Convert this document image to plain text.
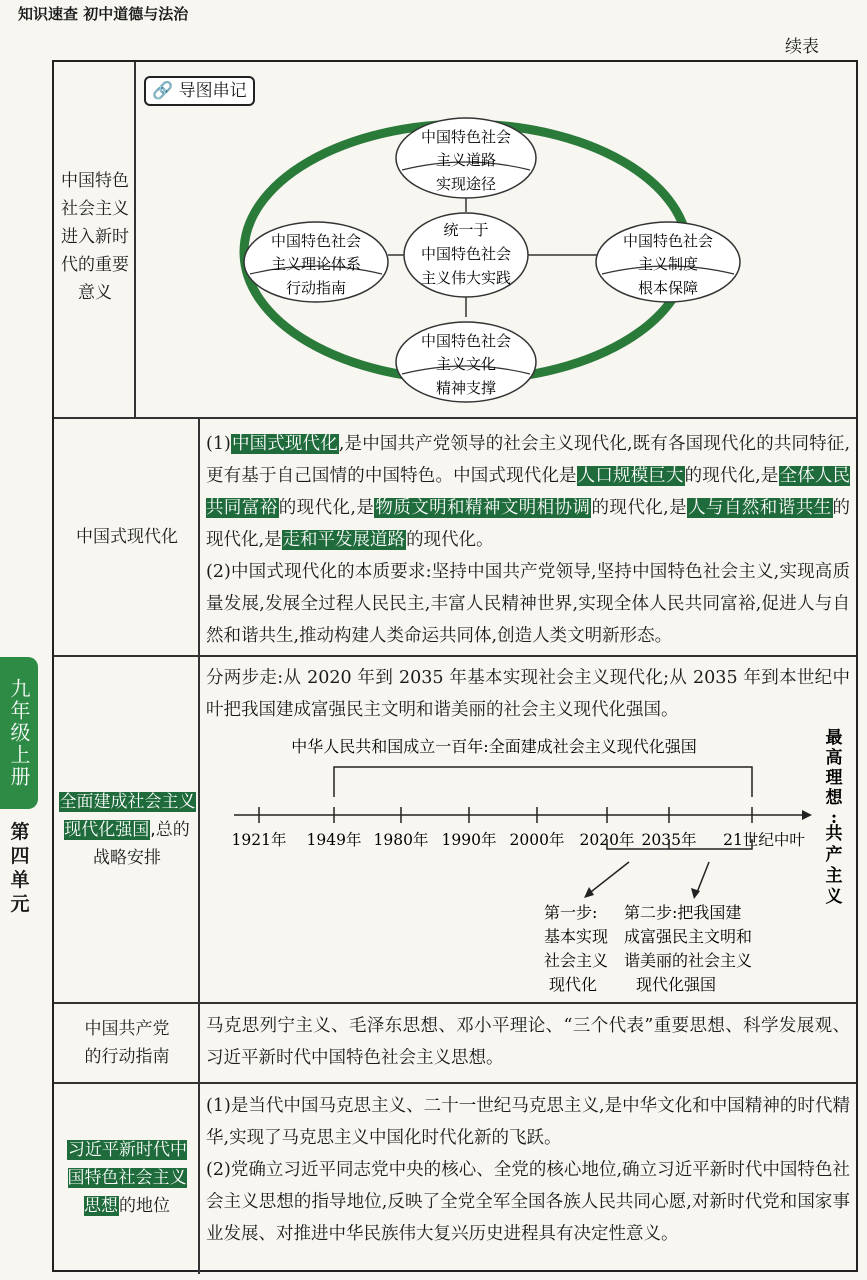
知识速查 初中道德与法治
续表
九年级上册
第四单元
中国特色社会主义进入新时代的重要意义
🔗 导图串记
统一于
中国特色社会
主义伟大实践
中国特色社会
主义道路
实现途径
中国特色社会
主义理论体系
行动指南
中国特色社会
主义制度
根本保障
中国特色社会
主义文化
精神支撑
中国式现代化
(1)中国式现代化,是中国共产党领导的社会主义现代化,既有各国现代化的共同特征,更有基于自己国情的中国特色。中国式现代化是人口规模巨大的现代化,是全体人民共同富裕的现代化,是物质文明和精神文明相协调的现代化,是人与自然和谐共生的现代化,是走和平发展道路的现代化。
(2)中国式现代化的本质要求:坚持中国共产党领导,坚持中国特色社会主义,实现高质量发展,发展全过程人民民主,丰富人民精神世界,实现全体人民共同富裕,促进人与自然和谐共生,推动构建人类命运共同体,创造人类文明新形态。
全面建成社会主义现代化强国,总的战略安排
分两步走:从 2020 年到 2035 年基本实现社会主义现代化;从 2035 年到本世纪中叶把我国建成富强民主文明和谐美丽的社会主义现代化强国。
中华人民共和国成立一百年:全面建成社会主义现代化强国
1921年 1949年 1980年 1990年 2000年 2020年 2035年 21世纪中叶
最
高
理
想
:
共
产
主
义
第一步:
基本实现
社会主义
现代化
第二步:把我国建
成富强民主文明和
谐美丽的社会主义
现代化强国
中国共产党的行动指南
马克思列宁主义、毛泽东思想、邓小平理论、“三个代表”重要思想、科学发展观、习近平新时代中国特色社会主义思想。
习近平新时代中国特色社会主义思想的地位
(1)是当代中国马克思主义、二十一世纪马克思主义,是中华文化和中国精神的时代精华,实现了马克思主义中国化时代化新的飞跃。
(2)党确立习近平同志党中央的核心、全党的核心地位,确立习近平新时代中国特色社会主义思想的指导地位,反映了全党全军全国各族人民共同心愿,对新时代党和国家事业发展、对推进中华民族伟大复兴历史进程具有决定性意义。
